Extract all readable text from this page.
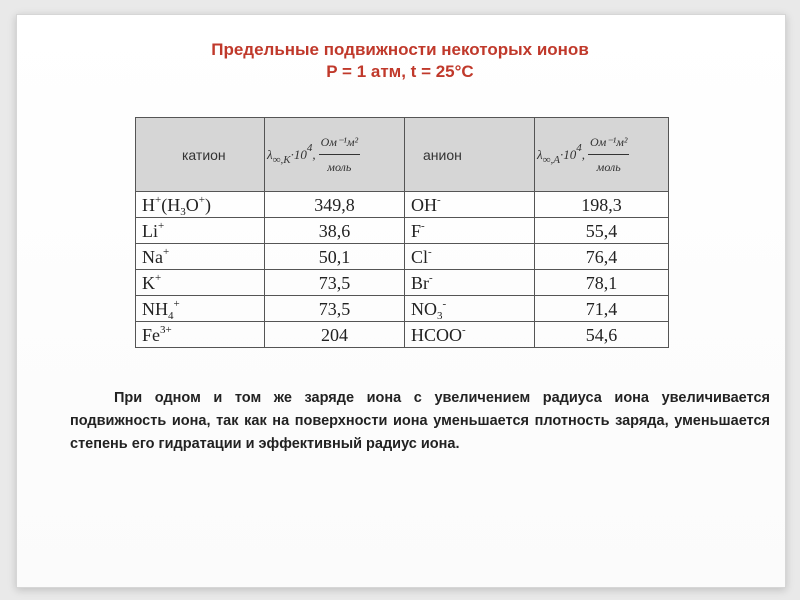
Предельные подвижности некоторых ионов
P = 1 атм, t = 25°C
катион	$\lambda_{\infty,K}\cdot 10^4$, $\frac{\text{Ом⁻¹м²}}{\text{моль}}$	анион	$\lambda_{\infty,A}\cdot 10^4$, $\frac{\text{Ом⁻¹м²}}{\text{моль}}$

$H^+(H_3O^+)$	349,8	OH-	198,3
Li+	38,6	F-	55,4
Na+	50,1	Cl-	76,4
K+	73,5	Br-	78,1
$NH_4^+$	73,5	$NO_3^-$	71,4
$Fe^{3+}$	204	HCOO-	54,6
При одном и том же заряде иона с увеличением радиуса иона увеличивается подвижность иона, так как на поверхности иона уменьшается плотность заряда, уменьшается степень его гидратации и эффективный радиус иона.
